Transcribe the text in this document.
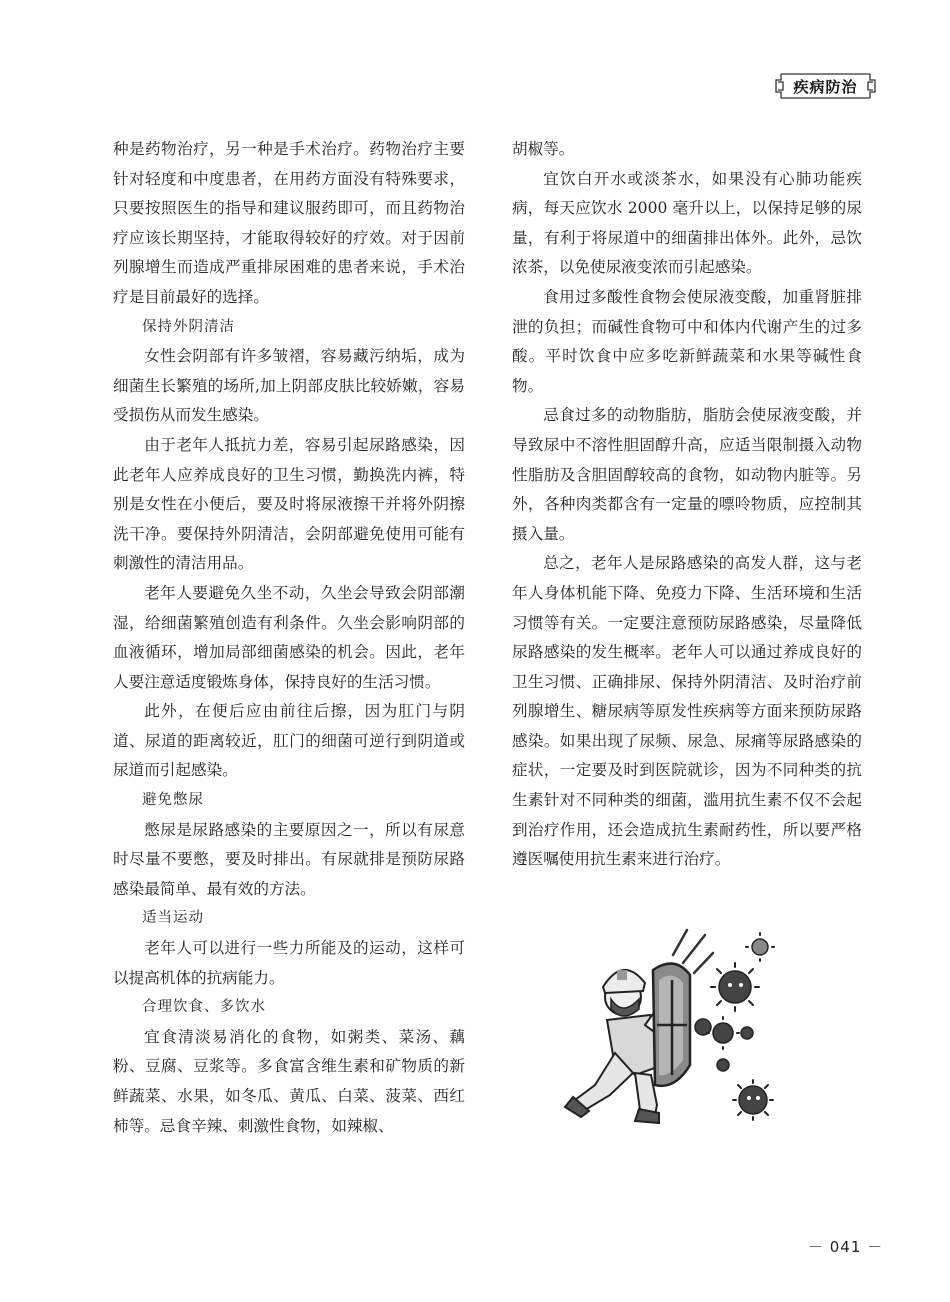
疾病防治

种是药物治疗，另一种是手术治疗。药物治疗主要针对轻度和中度患者，在用药方面没有特殊要求，只要按照医生的指导和建议服药即可，而且药物治疗应该长期坚持，才能取得较好的疗效。对于因前列腺增生而造成严重排尿困难的患者来说，手术治疗是目前最好的选择。

保持外阴清洁

女性会阴部有许多皱褶，容易藏污纳垢，成为细菌生长繁殖的场所,加上阴部皮肤比较娇嫩，容易受损伤从而发生感染。

由于老年人抵抗力差，容易引起尿路感染，因此老年人应养成良好的卫生习惯，勤换洗内裤，特别是女性在小便后，要及时将尿液擦干并将外阴擦洗干净。要保持外阴清洁，会阴部避免使用可能有刺激性的清洁用品。

老年人要避免久坐不动，久坐会导致会阴部潮湿，给细菌繁殖创造有利条件。久坐会影响阴部的血液循环，增加局部细菌感染的机会。因此，老年人要注意适度锻炼身体，保持良好的生活习惯。

此外，在便后应由前往后擦，因为肛门与阴道、尿道的距离较近，肛门的细菌可逆行到阴道或尿道而引起感染。

避免憋尿

憋尿是尿路感染的主要原因之一，所以有尿意时尽量不要憋，要及时排出。有尿就排是预防尿路感染最简单、最有效的方法。

适当运动

老年人可以进行一些力所能及的运动，这样可以提高机体的抗病能力。

合理饮食、多饮水

宜食清淡易消化的食物，如粥类、菜汤、藕粉、豆腐、豆浆等。多食富含维生素和矿物质的新鲜蔬菜、水果，如冬瓜、黄瓜、白菜、菠菜、西红柿等。忌食辛辣、刺激性食物，如辣椒、

胡椒等。

宜饮白开水或淡茶水，如果没有心肺功能疾病，每天应饮水 2000 毫升以上，以保持足够的尿量，有利于将尿道中的细菌排出体外。此外，忌饮浓茶，以免使尿液变浓而引起感染。

食用过多酸性食物会使尿液变酸，加重肾脏排泄的负担；而碱性食物可中和体内代谢产生的过多酸。平时饮食中应多吃新鲜蔬菜和水果等碱性食物。

忌食过多的动物脂肪，脂肪会使尿液变酸，并导致尿中不溶性胆固醇升高，应适当限制摄入动物性脂肪及含胆固醇较高的食物，如动物内脏等。另外，各种肉类都含有一定量的嘌呤物质，应控制其摄入量。

总之，老年人是尿路感染的高发人群，这与老年人身体机能下降、免疫力下降、生活环境和生活习惯等有关。一定要注意预防尿路感染，尽量降低尿路感染的发生概率。老年人可以通过养成良好的卫生习惯、正确排尿、保持外阴清洁、及时治疗前列腺增生、糖尿病等原发性疾病等方面来预防尿路感染。如果出现了尿频、尿急、尿痛等尿路感染的症状，一定要及时到医院就诊，因为不同种类的抗生素针对不同种类的细菌，滥用抗生素不仅不会起到治疗作用，还会造成抗生素耐药性，所以要严格遵医嘱使用抗生素来进行治疗。

－ 041 －
